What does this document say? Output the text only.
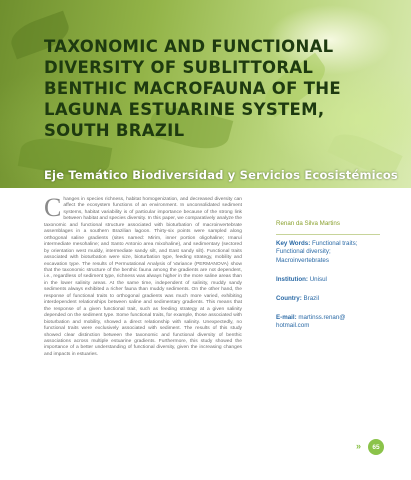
TAXONOMIC AND FUNCTIONAL DIVERSITY OF SUBLITTORAL BENTHIC MACROFAUNA OF THE LAGUNA ESTUARINE SYSTEM, SOUTH BRAZIL

Eje Temático Biodiversidad y Servicios Ecosistémicos

Changes in species richness, habitat homogenization, and decreased diversity can affect the ecosystem functions of an environment. In unconsolidated sediment systems, habitat variability is of particular importance because of the strong link between habitat and species diversity. In this paper, we comparatively analyze the taxonomic and functional structure associated with bioturbation of macroinvertebrate assemblages in a southern Brazilian lagoon. Thirty-six points were sampled along orthogonal saline gradients (sites named: Mirim, inner portion oligohaline; Imaruí intermediate mesohaline; and Santo Antonio area mixohaline), and sedimentary (sectored by orientation west muddy, intermediate sandy silt, and East sandy silt). Functional traits associated with bioturbation were size, bioturbation type, feeding strategy, mobility and excavation type. The results of Permutational Analysis of Variance (PERMANOVA) show that the taxonomic structure of the benthic fauna among the gradients are not dependent, i.e., regardless of sediment type, richness was always higher in the more saline areas than in the lower salinity areas. At the same time, independent of salinity, muddy sandy sediments always exhibited a richer fauna than muddy sediments. On the other hand, the response of functional traits to orthogonal gradients was much more varied, exhibiting interdependent relationships between saline and sedimentary gradients. This means that the response of a given functional trait, such as feeding strategy at a given salinity depended on the sediment type. Some functional traits, for example, those associated with bioturbation and mobility, showed a direct relationship with salinity. Unexpectedly, no functional traits were exclusively associated with sediment. The results of this study showed clear distinction between the taxonomic and functional diversity of benthic associations across multiple estuarine gradients. Furthermore, this study showed the importance of a better understanding of functional diversity, given the increasing changes and impacts in estuaries.

Renan da Silva Martins
Key Words: Functional traits; Functional diversity; Macroinvertebrates
Institution: Unisul
Country: Brazil
E-mail: martinss.renan@ hotmail.com
»	65
